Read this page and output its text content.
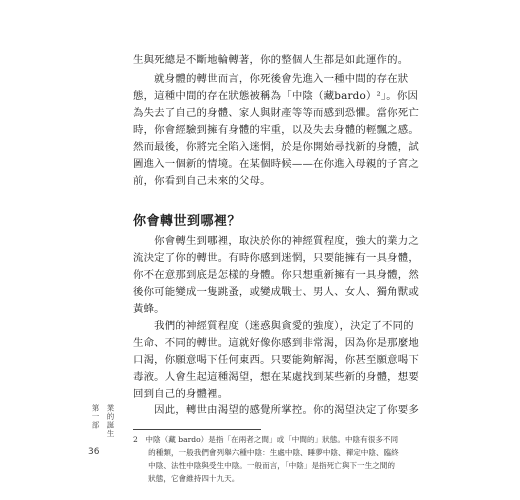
生與死總是不斷地輪轉著，你的整個人生都是如此運作的。
　　就身體的轉世而言，你死後會先進入一種中間的存在狀
態，這種中間的存在狀態被稱為「中陰（藏bardo）²」。你因
為失去了自己的身體、家人與財產等等而感到恐懼。當你死亡
時，你會經驗到擁有身體的牢重，以及失去身體的輕飄之感。
然而最後，你將完全陷入迷惘，於是你開始尋找新的身體，試
圖進入一個新的情境。在某個時候——在你進入母親的子宮之
前，你看到自己未來的父母。
你會轉世到哪裡？
　　你會轉生到哪裡，取決於你的神經質程度，強大的業力之
流決定了你的轉世。有時你感到迷惘，只要能擁有一具身體，
你不在意那到底是怎樣的身體。你只想重新擁有一具身體，然
後你可能變成一隻跳蚤，或變成戰士、男人、女人、獨角獸或
黃蜂。
　　我們的神經質程度（迷惑與貪愛的強度），決定了不同的
生命、不同的轉世。這就好像你感到非常渴，因為你是那麼地
口渴，你願意喝下任何東西。只要能夠解渴，你甚至願意喝下
毒液。人會生起這種渴望，想在某處找到某些新的身體，想要
回到自己的身體裡。
　　因此，轉世由渴望的感覺所掌控。你的渴望決定了你要多
2　中陰（藏 bardo）是指「在兩者之間」或「中間的」狀態。中陰有很多不同
　　的種類，一般我們會列舉六種中陰：生處中陰、睡夢中陰、禪定中陰、臨終
　　中陰、法性中陰與受生中陰。一般而言，「中陰」是指死亡與下一生之間的
　　狀態，它會維持四十九天。
第一部 業的誕生
36
